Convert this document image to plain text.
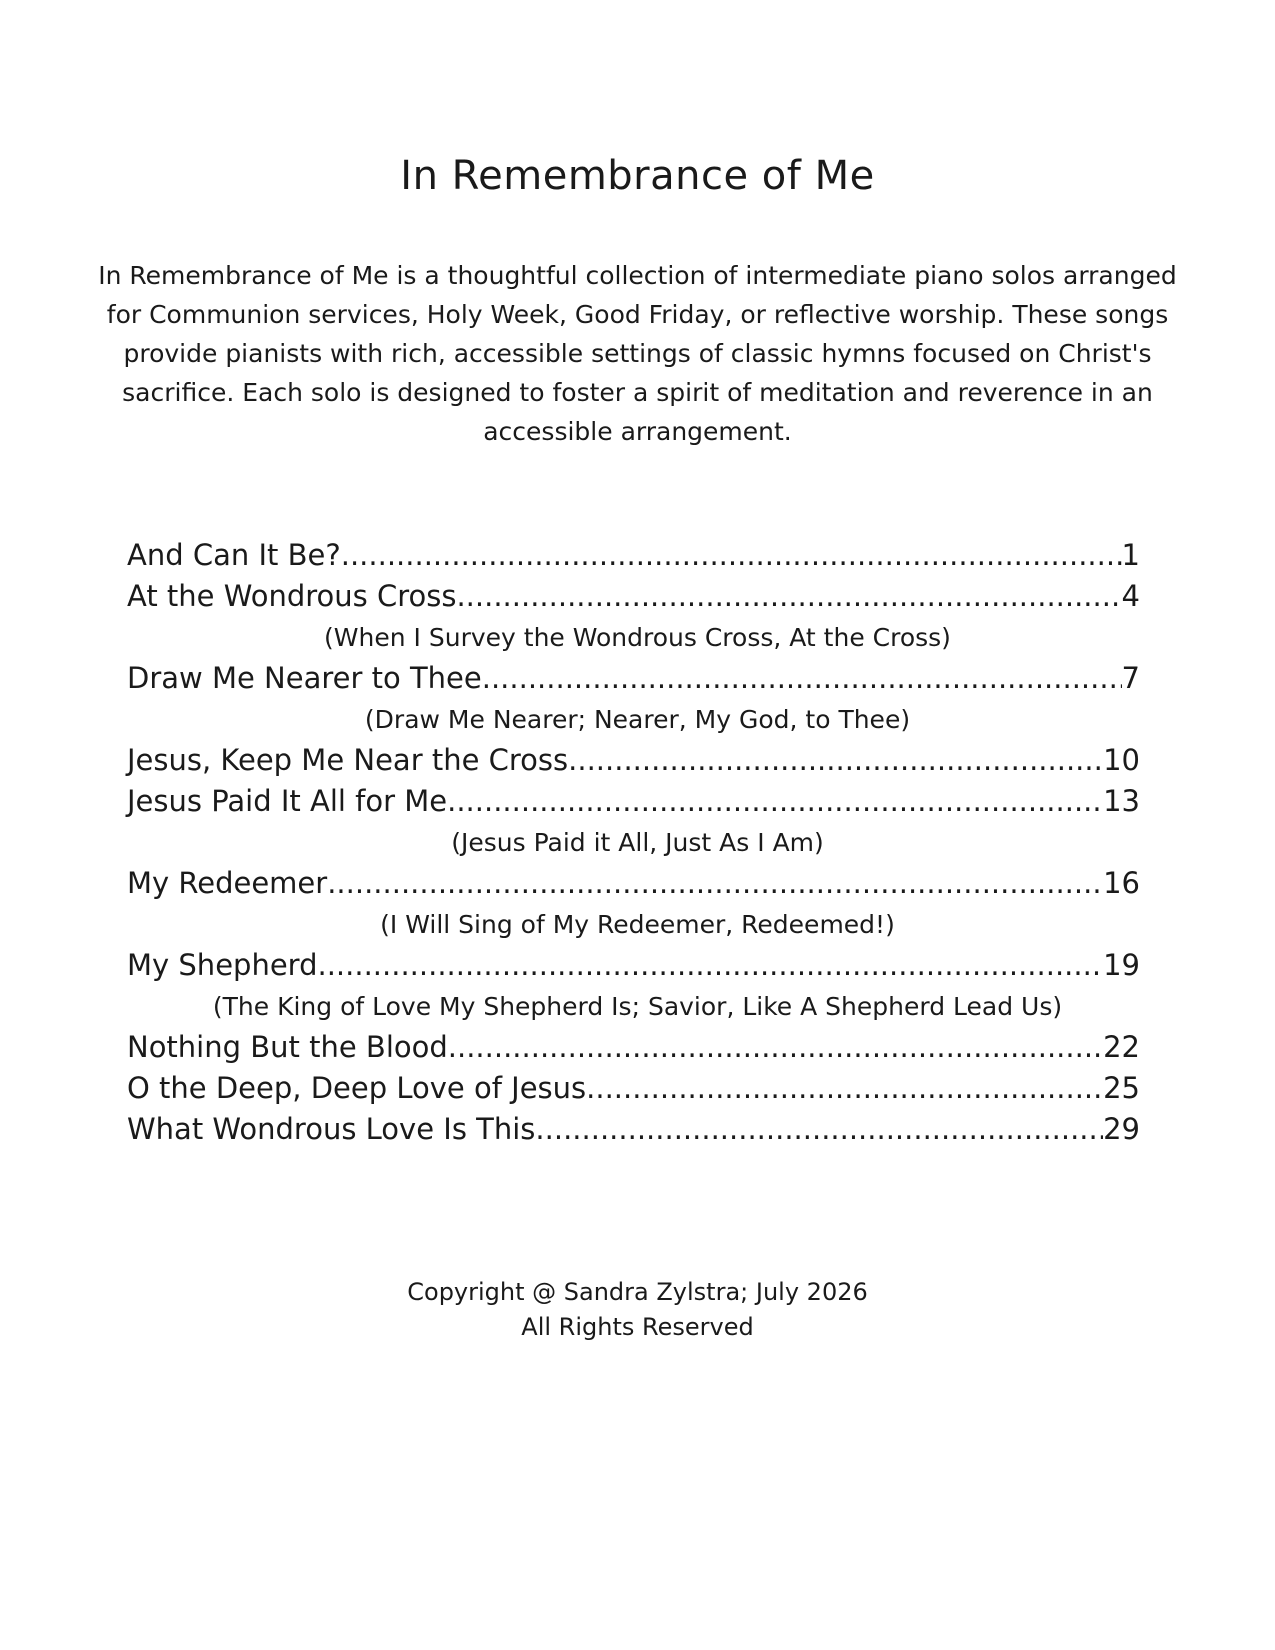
In Remembrance of Me

In Remembrance of Me is a thoughtful collection of intermediate piano solos arranged for Communion services, Holy Week, Good Friday, or reflective worship. These songs provide pianists with rich, accessible settings of classic hymns focused on Christ's sacrifice. Each solo is designed to foster a spirit of meditation and reverence in an accessible arrangement.

And Can It Be? .....	1
At the Wondrous Cross .....	4
(When I Survey the Wondrous Cross, At the Cross)
Draw Me Nearer to Thee .....	7
(Draw Me Nearer; Nearer, My God, to Thee)
Jesus, Keep Me Near the Cross .....	10
Jesus Paid It All for Me .....	13
(Jesus Paid it All, Just As I Am)
My Redeemer .....	16
(I Will Sing of My Redeemer, Redeemed!)
My Shepherd .....	19
(The King of Love My Shepherd Is; Savior, Like A Shepherd Lead Us)
Nothing But the Blood .....	22
O the Deep, Deep Love of Jesus .....	25
What Wondrous Love Is This .....	29
Copyright @ Sandra Zylstra; July 2026
All Rights Reserved
